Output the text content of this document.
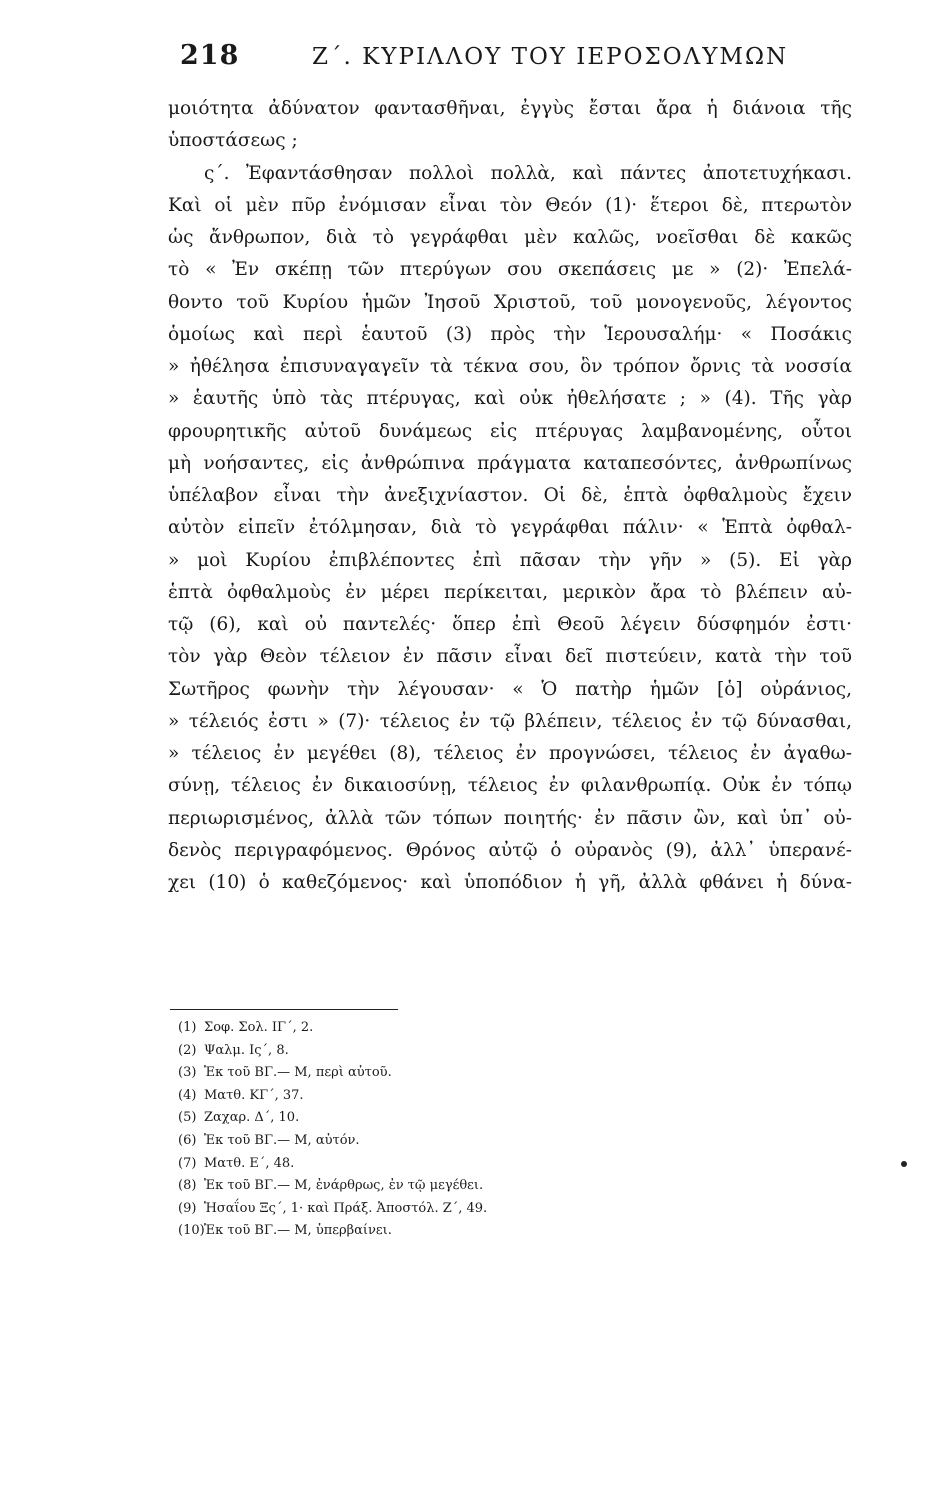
218	Ζ΄. ΚΥΡΙΛΛΟΥ ΤΟΥ ΙΕΡΟΣΟΛΥΜΩΝ
μοιότητα ἀδύνατον φαντασθῆναι, ἐγγὺς ἔσται ἄρα ἡ διάνοια τῆς
ὑποστάσεως ;
ς΄. Ἐφαντάσθησαν πολλοὶ πολλὰ, καὶ πάντες ἀποτετυχήκασι.
Καὶ οἱ μὲν πῦρ ἐνόμισαν εἶναι τὸν Θεόν (1)· ἕτεροι δὲ, πτερωτὸν
ὡς ἄνθρωπον, διὰ τὸ γεγράφθαι μὲν καλῶς, νοεῖσθαι δὲ κακῶς
τὸ « Ἐν σκέπῃ τῶν πτερύγων σου σκεπάσεις με » (2)· Ἐπελά-
θοντο τοῦ Κυρίου ἡμῶν Ἰησοῦ Χριστοῦ, τοῦ μονογενοῦς, λέγοντος
ὁμοίως καὶ περὶ ἑαυτοῦ (3) πρὸς τὴν Ἱερουσαλήμ· « Ποσάκις
» ἠθέλησα ἐπισυναγαγεῖν τὰ τέκνα σου, ὃν τρόπον ὄρνις τὰ νοσσία
» ἑαυτῆς ὑπὸ τὰς πτέρυγας, καὶ οὐκ ἠθελήσατε ; » (4). Τῆς γὰρ
φρουρητικῆς αὐτοῦ δυνάμεως εἰς πτέρυγας λαμβανομένης, οὗτοι
μὴ νοήσαντες, εἰς ἀνθρώπινα πράγματα καταπεσόντες, ἀνθρωπίνως
ὑπέλαβον εἶναι τὴν ἀνεξιχνίαστον. Οἱ δὲ, ἑπτὰ ὀφθαλμοὺς ἔχειν
αὐτὸν εἰπεῖν ἐτόλμησαν, διὰ τὸ γεγράφθαι πάλιν· « Ἑπτὰ ὀφθαλ-
» μοὶ Κυρίου ἐπιβλέποντες ἐπὶ πᾶσαν τὴν γῆν » (5). Εἰ γὰρ
ἑπτὰ ὀφθαλμοὺς ἐν μέρει περίκειται, μερικὸν ἄρα τὸ βλέπειν αὐ-
τῷ (6), καὶ οὐ παντελές· ὅπερ ἐπὶ Θεοῦ λέγειν δύσφημόν ἐστι·
τὸν γὰρ Θεὸν τέλειον ἐν πᾶσιν εἶναι δεῖ πιστεύειν, κατὰ τὴν τοῦ
Σωτῆρος φωνὴν τὴν λέγουσαν· « Ὁ πατὴρ ἡμῶν [ὁ] οὐράνιος,
» τέλειός ἐστι » (7)· τέλειος ἐν τῷ βλέπειν, τέλειος ἐν τῷ δύνασθαι,
» τέλειος ἐν μεγέθει (8), τέλειος ἐν προγνώσει, τέλειος ἐν ἀγαθω-
σύνῃ, τέλειος ἐν δικαιοσύνῃ, τέλειος ἐν φιλανθρωπίᾳ. Οὐκ ἐν τόπῳ
περιωρισμένος, ἀλλὰ τῶν τόπων ποιητής· ἐν πᾶσιν ὢν, καὶ ὑπ᾽ οὐ-
δενὸς περιγραφόμενος. Θρόνος αὐτῷ ὁ οὐρανὸς (9), ἀλλ᾽ ὑπερανέ-
χει (10) ὁ καθεζόμενος· καὶ ὑποπόδιον ἡ γῆ, ἀλλὰ φθάνει ἡ δύνα-
(1) Σοφ. Σολ. ΙΓ΄, 2.
(2) Ψαλμ. Ις΄, 8.
(3) Ἐκ τοῦ ΒΓ.— Μ, περὶ αὐτοῦ.
(4) Ματθ. ΚΓ΄, 37.
(5) Ζαχαρ. Δ΄, 10.
(6) Ἐκ τοῦ ΒΓ.— Μ, αὐτόν.
(7) Ματθ. Ε΄, 48.
(8) Ἐκ τοῦ ΒΓ.— Μ, ἐνάρθρως, ἐν τῷ μεγέθει.
(9) Ἡσαΐου Ξς΄, 1· καὶ Πράξ. Ἀποστόλ. Ζ΄, 49.
(10)Ἐκ τοῦ ΒΓ.— Μ, ὑπερβαίνει.
